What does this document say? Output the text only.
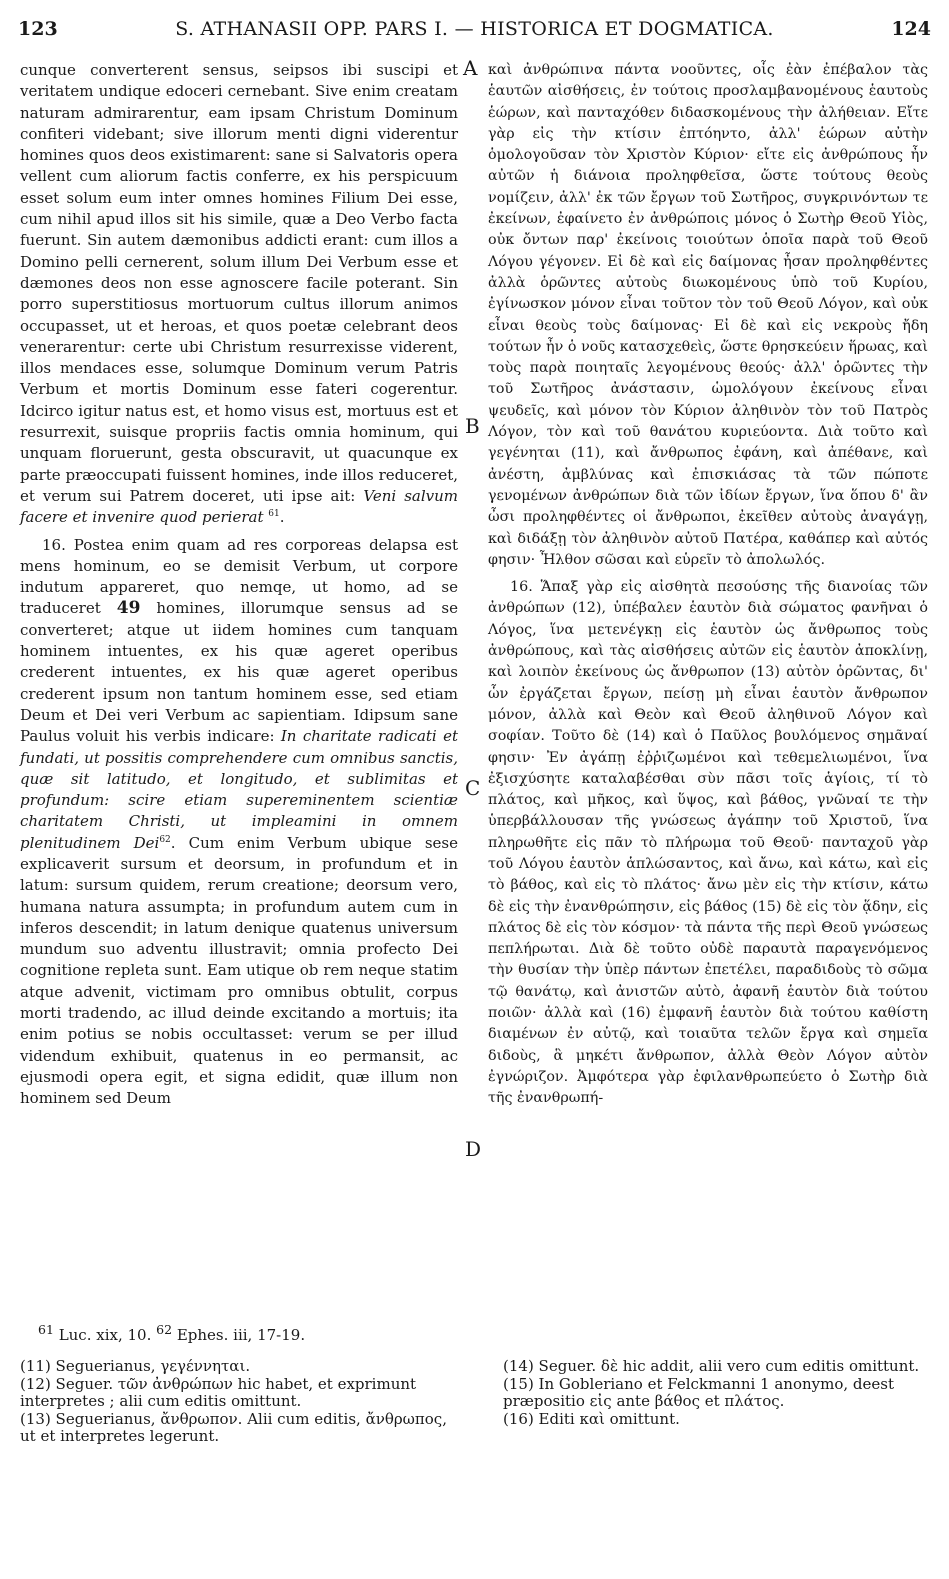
123	S. ATHANASII OPP. PARS I. — HISTORICA ET DOGMATICA.	124
A
B
C
D

cunque converterent sensus, seipsos ibi suscipi et veritatem undique edoceri cernebant. Sive enim creatam naturam admirarentur, eam ipsam Christum Dominum confiteri videbant; sive illorum menti digni viderentur homines quos deos existimarent: sane si Salvatoris opera vellent cum aliorum factis conferre, ex his perspicuum esset solum eum inter omnes homines Filium Dei esse, cum nihil apud illos sit his simile, quæ a Deo Verbo facta fuerunt. Sin autem dæmonibus addicti erant: cum illos a Domino pelli cernerent, solum illum Dei Verbum esse et dæmones deos non esse agnoscere facile poterant. Sin porro superstitiosus mortuorum cultus illorum animos occupasset, ut et heroas, et quos poetæ celebrant deos venerarentur: certe ubi Christum resurrexisse viderent, illos mendaces esse, solumque Dominum verum Patris Verbum et mortis Dominum esse fateri cogerentur. Idcirco igitur natus est, et homo visus est, mortuus est et resurrexit, suisque propriis factis omnia hominum, qui unquam floruerunt, gesta obscuravit, ut quacunque ex parte præoccupati fuissent homines, inde illos reduceret, et verum sui Patrem doceret, uti ipse ait: Veni salvum facere et invenire quod perierat $^{61}$.

16. Postea enim quam ad res corporeas delapsa est mens hominum, eo se demisit Verbum, ut corpore indutum appareret, quo nemqe, ut homo, ad se traduceret 49 homines, illorumque sensus ad se converteret; atque ut iidem homines cum tanquam hominem intuentes, ex his quæ ageret operibus crederent intuentes, ex his quæ ageret operibus crederent ipsum non tantum hominem esse, sed etiam Deum et Dei veri Verbum ac sapientiam. Idipsum sane Paulus voluit his verbis indicare: In charitate radicati et fundati, ut possitis comprehendere cum omnibus sanctis, quæ sit latitudo, et longitudo, et sublimitas et profundum: scire etiam supereminentem scientiæ charitatem Christi, ut impleamini in omnem plenitudinem Dei$^{62}$. Cum enim Verbum ubique sese explicaverit sursum et deorsum, in profundum et in latum: sursum quidem, rerum creatione; deorsum vero, humana natura assumpta; in profundum autem cum in inferos descendit; in latum denique quatenus universum mundum suo adventu illustravit; omnia profecto Dei cognitione repleta sunt. Eam utique ob rem neque statim atque advenit, victimam pro omnibus obtulit, corpus morti tradendo, ac illud deinde excitando a mortuis; ita enim potius se nobis occultasset: verum se per illud videndum exhibuit, quatenus in eo permansit, ac ejusmodi opera egit, et signa edidit, quæ illum non hominem sed Deum

καὶ ἀνθρώπινα πάντα νοοῦντες, οἷς ἐὰν ἐπέβαλον τὰς ἑαυτῶν αἰσθήσεις, ἐν τούτοις προσλαμβανομένους ἑαυτοὺς ἑώρων, καὶ πανταχόθεν διδασκομένους τὴν ἀλήθειαν. Εἴτε γὰρ εἰς τὴν κτίσιν ἐπτόηντο, ἀλλ' ἑώρων αὐτὴν ὁμολογοῦσαν τὸν Χριστὸν Κύριον· εἴτε εἰς ἀνθρώπους ἦν αὐτῶν ἡ διάνοια προληφθεῖσα, ὥστε τούτους θεοὺς νομίζειν, ἀλλ' ἐκ τῶν ἔργων τοῦ Σωτῆρος, συγκρινόντων τε ἐκείνων, ἐφαίνετο ἐν ἀνθρώποις μόνος ὁ Σωτὴρ Θεοῦ Υἱὸς, οὐκ ὄντων παρ' ἐκείνοις τοιούτων ὁποῖα παρὰ τοῦ Θεοῦ Λόγου γέγονεν. Εἰ δὲ καὶ εἰς δαίμονας ἦσαν προληφθέντες ἀλλὰ ὁρῶντες αὐτοὺς διωκομένους ὑπὸ τοῦ Κυρίου, ἐγίνωσκον μόνον εἶναι τοῦτον τὸν τοῦ Θεοῦ Λόγον, καὶ οὐκ εἶναι θεοὺς τοὺς δαίμονας· Εἰ δὲ καὶ εἰς νεκροὺς ἤδη τούτων ἦν ὁ νοῦς κατασχεθεὶς, ὥστε θρησκεύειν ἥρωας, καὶ τοὺς παρὰ ποιηταῖς λεγομένους θεούς· ἀλλ' ὁρῶντες τὴν τοῦ Σωτῆρος ἀνάστασιν, ὡμολόγουν ἐκείνους εἶναι ψευδεῖς, καὶ μόνον τὸν Κύριον ἀληθινὸν τὸν τοῦ Πατρὸς Λόγον, τὸν καὶ τοῦ θανάτου κυριεύοντα. Διὰ τοῦτο καὶ γεγένηται (11), καὶ ἄνθρωπος ἐφάνη, καὶ ἀπέθανε, καὶ ἀνέστη, ἀμβλύνας καὶ ἐπισκιάσας τὰ τῶν πώποτε γενομένων ἀνθρώπων διὰ τῶν ἰδίων ἔργων, ἵνα ὅπου δ' ἂν ὦσι προληφθέντες οἱ ἄνθρωποι, ἐκεῖθεν αὐτοὺς ἀναγάγῃ, καὶ διδάξῃ τὸν ἀληθινὸν αὐτοῦ Πατέρα, καθάπερ καὶ αὐτός φησιν· Ἦλθον σῶσαι καὶ εὑρεῖν τὸ ἀπολωλός.

16. Ἅπαξ γὰρ εἰς αἰσθητὰ πεσούσης τῆς διανοίας τῶν ἀνθρώπων (12), ὑπέβαλεν ἑαυτὸν διὰ σώματος φανῆναι ὁ Λόγος, ἵνα μετενέγκῃ εἰς ἑαυτὸν ὡς ἄνθρωπος τοὺς ἀνθρώπους, καὶ τὰς αἰσθήσεις αὐτῶν εἰς ἑαυτὸν ἀποκλίνῃ, καὶ λοιπὸν ἐκείνους ὡς ἄνθρωπον (13) αὐτὸν ὁρῶντας, δι' ὧν ἐργάζεται ἔργων, πείσῃ μὴ εἶναι ἑαυτὸν ἄνθρωπον μόνον, ἀλλὰ καὶ Θεὸν καὶ Θεοῦ ἀληθινοῦ Λόγον καὶ σοφίαν. Τοῦτο δὲ (14) καὶ ὁ Παῦλος βουλόμενος σημᾶναί φησιν· Ἐν ἀγάπῃ ἐῤῥιζωμένοι καὶ τεθεμελιωμένοι, ἵνα ἐξισχύσητε καταλαβέσθαι σὺν πᾶσι τοῖς ἁγίοις, τί τὸ πλάτος, καὶ μῆκος, καὶ ὕψος, καὶ βάθος, γνῶναί τε τὴν ὑπερβάλλουσαν τῆς γνώσεως ἀγάπην τοῦ Χριστοῦ, ἵνα πληρωθῆτε εἰς πᾶν τὸ πλήρωμα τοῦ Θεοῦ· πανταχοῦ γὰρ τοῦ Λόγου ἑαυτὸν ἁπλώσαντος, καὶ ἄνω, καὶ κάτω, καὶ εἰς τὸ βάθος, καὶ εἰς τὸ πλάτος· ἄνω μὲν εἰς τὴν κτίσιν, κάτω δὲ εἰς τὴν ἐνανθρώπησιν, εἰς βάθος (15) δὲ εἰς τὸν ᾅδην, εἰς πλάτος δὲ εἰς τὸν κόσμον· τὰ πάντα τῆς περὶ Θεοῦ γνώσεως πεπλήρωται. Διὰ δὲ τοῦτο οὐδὲ παραυτὰ παραγενόμενος τὴν θυσίαν τὴν ὑπὲρ πάντων ἐπετέλει, παραδιδοὺς τὸ σῶμα τῷ θανάτῳ, καὶ ἀνιστῶν αὐτὸ, ἀφανῆ ἑαυτὸν διὰ τούτου ποιῶν· ἀλλὰ καὶ (16) ἐμφανῆ ἑαυτὸν διὰ τούτου καθίστη διαμένων ἐν αὐτῷ, καὶ τοιαῦτα τελῶν ἔργα καὶ σημεῖα διδοὺς, ἃ μηκέτι ἄνθρωπον, ἀλλὰ Θεὸν Λόγον αὐτὸν ἐγνώριζον. Ἀμφότερα γὰρ ἐφιλανθρωπεύετο ὁ Σωτὴρ διὰ τῆς ἐνανθρωπή-

$^{61}$ Luc. xix, 10. $^{62}$ Ephes. iii, 17-19.

(11) Seguerianus, γεγέννηται.

(12) Seguer. τῶν ἀνθρώπων hic habet, et exprimunt interpretes ; alii cum editis omittunt.

(13) Seguerianus, ἄνθρωπον. Alii cum editis, ἄνθρωπος, ut et interpretes legerunt.

(14) Seguer. δὲ hic addit, alii vero cum editis omittunt.

(15) In Gobleriano et Felckmanni 1 anonymo, deest præpositio εἰς ante βάθος et πλάτος.

(16) Editi καὶ omittunt.
